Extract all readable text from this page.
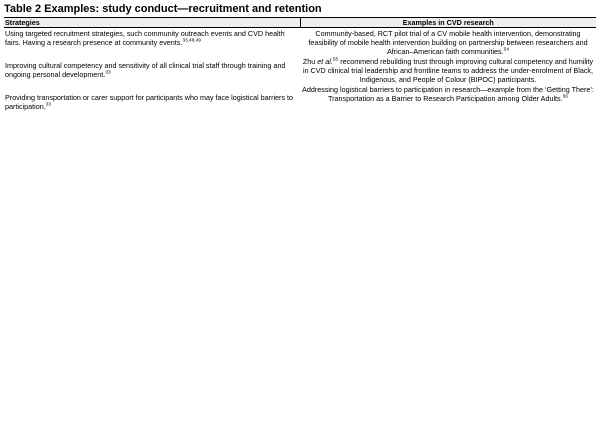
Table 2 Examples: study conduct—recruitment and retention
Strategies	Examples in CVD research
Using targeted recruitment strategies, such community outreach events and CVD health fairs. Having a research presence at community events.$^{33,48,49}$	Community-based, RCT pilot trial of a CV mobile health intervention, demonstrating feasibility of mobile health intervention building on partnership between researchers and African–American faith communities.$^{54}$
Improving cultural competency and sensitivity of all clinical trial staff through training and ongoing personal development.$^{33}$	Zhu et al.$^{55}$ recommend rebuilding trust through improving cultural competency and humility in CVD clinical trial leadership and frontline teams to address the under-enrolment of Black, Indigenous, and People of Colour (BIPOC) participants.
Providing transportation or carer support for participants who may face logistical barriers to participation.$^{33}$	Addressing logistical barriers to participation in research—example from the ‘Getting There’: Transportation as a Barrier to Research Participation among Older Adults.$^{56}$
